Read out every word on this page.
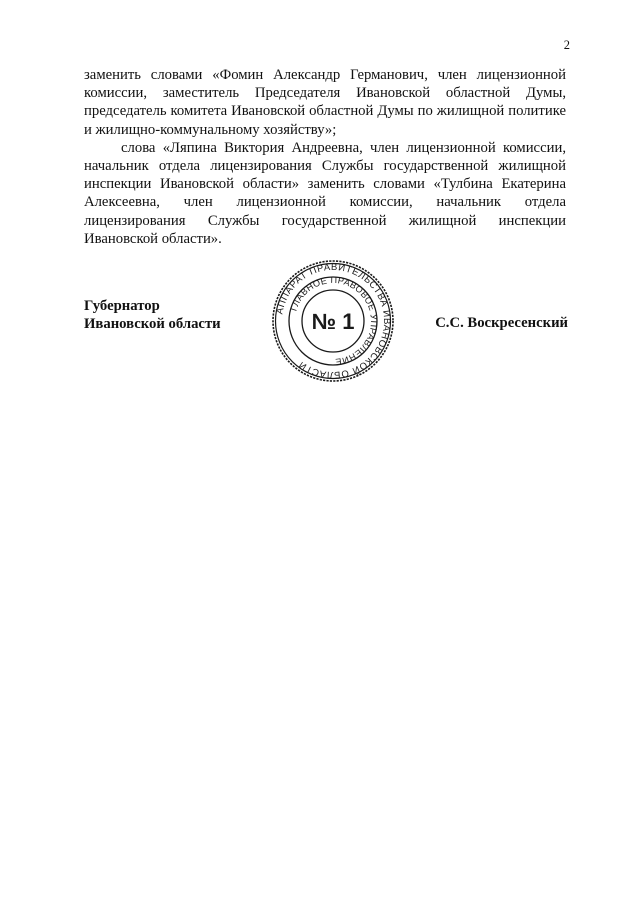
2

заменить словами «Фомин Александр Германович, член лицензионной комиссии, заместитель Председателя Ивановской областной Думы, председатель комитета Ивановской областной Думы по жилищной политике и жилищно-коммунальному хозяйству»;

слова «Ляпина Виктория Андреевна, член лицензионной комиссии, начальник отдела лицензирования Службы государственной жилищной инспекции Ивановской области» заменить словами «Тулбина Екатерина Алексеевна, член лицензионной комиссии, начальник отдела лицензирования Службы государственной жилищной инспекции Ивановской области».

Губернатор
Ивановской области
АППАРАТ ПРАВИТЕЛЬСТВА ИВАНОВСКОЙ ОБЛАСТИ
ГЛАВНОЕ ПРАВОВОЕ УПРАВЛЕНИЕ
№ 1	С.С. Воскресенский
